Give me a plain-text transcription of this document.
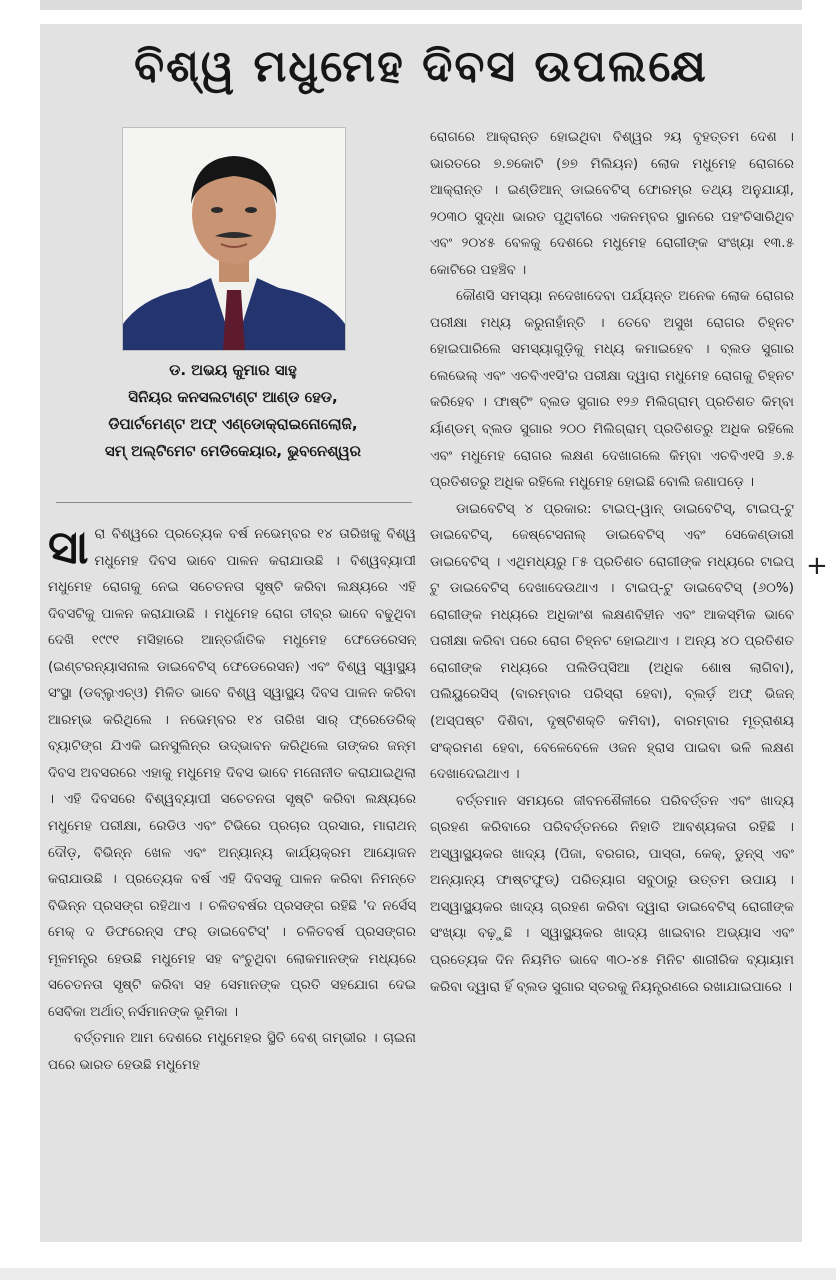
ବିଶ୍ୱ ମଧୁମେହ ଦିବସ ଉପଲକ୍ଷେ
ଡ. ଅଭୟ କୁମାର ସାହୁ
ସିନିୟର କନସଲଟାଣ୍ଟ ଆଣ୍ଡ ହେଡ,
ଡିପାର୍ଟମେଣ୍ଟ ଅଫ୍ ଏଣ୍ଡୋକ୍ରାଇନୋଲୋଜି,
ସମ୍ ଅଲ୍ଟିମେଟ ମେଡିକେୟାର, ଭୁବନେଶ୍ୱର

ସାରା ବିଶ୍ୱରେ ପ୍ରତ୍ୟେକ ବର୍ଷ ନଭେମ୍ବର ୧୪ ତାରିଖକୁ ବିଶ୍ୱ ମଧୁମେହ ଦିବସ ଭାବେ ପାଳନ କରାଯାଉଛି । ବିଶ୍ୱବ୍ୟାପୀ ମଧୁମେହ ରୋଗକୁ ନେଇ ସଚେତନତା ସୃଷ୍ଟି କରିବା ଲକ୍ଷ୍ୟରେ ଏହି ଦିବସଟିକୁ ପାଳନ କରାଯାଉଛି । ମଧୁମେହ ରୋଗ ତୀବ୍ର ଭାବେ ବଢୁଥିବା ଦେଖି ୧୯୯୧ ମସିହାରେ ଆନ୍ତର୍ଜାତିକ ମଧୁମେହ ଫେଡେରେସନ୍ (ଇଣ୍ଟରନ୍ୟାସନାଲ ଡାଇବେଟିସ୍ ଫେଡେରେସନ) ଏବଂ ବିଶ୍ୱ ସ୍ୱାସ୍ଥ୍ୟ ସଂସ୍ଥା (ଡବ୍ଲୁଏଚ୍ଓ) ମିଳିତ ଭାବେ ବିଶ୍ୱ ସ୍ୱାସ୍ଥ୍ୟ ଦିବସ ପାଳନ କରିବା ଆରମ୍ଭ କରିଥିଲେ । ନଭେମ୍ବର ୧୪ ତାରିଖ ସାର୍ ଫ୍ରେଡେରିକ୍ ବ୍ୟାଟିଙ୍ଗ ଯିଏକି ଇନସୁଲିନ୍‌ର ଉଦ୍ଭାବନ କରିଥିଲେ ତାଙ୍କର ଜନ୍ମ ଦିବସ ଅବସରରେ ଏହାକୁ ମଧୁମେହ ଦିବସ ଭାବେ ମନୋନୀତ କରାଯାଇଥିଲା । ଏହି ଦିବସରେ ବିଶ୍ୱବ୍ୟାପୀ ସଚେତନତା ସୃଷ୍ଟି କରିବା ଲକ୍ଷ୍ୟରେ ମଧୁମେହ ପରୀକ୍ଷା, ରେଡିଓ ଏବଂ ଟିଭିରେ ପ୍ରଚାର ପ୍ରସାର, ମାରାଥନ୍ ଦୌଡ଼, ବିଭିନ୍ନ ଖେଳ ଏବଂ ଅନ୍ୟାନ୍ୟ କାର୍ଯ୍ୟକ୍ରମ ଆୟୋଜନ କରାଯାଉଛି । ପ୍ରତ୍ୟେକ ବର୍ଷ ଏହି ଦିବସକୁ ପାଳନ କରିବା ନିମନ୍ତେ ବିଭିନ୍ନ ପ୍ରସଙ୍ଗ ରହିଥାଏ । ଚଳିତବର୍ଷର ପ୍ରସଙ୍ଗ ରହିଛି 'ଦ ନର୍ସେସ୍ ମେକ୍ ଦ ଡିଫରେନ୍ସ ଫର୍ ଡାଇବେଟିସ୍' । ଚଳିତବର୍ଷ ପ୍ରସଙ୍ଗର ମୂଳମନ୍ତ୍ର ହେଉଛି ମଧୁମେହ ସହ ବଂଚୁଥିବା ଲୋକମାନଙ୍କ ମଧ୍ୟରେ ସଚେତନତା ସୃଷ୍ଟି କରିବା ସହ ସେମାନଙ୍କ ପ୍ରତି ସହଯୋଗ ଦେଇ ସେବିକା ଅର୍ଥାତ୍ ନର୍ସମାନଙ୍କ ଭୂମିକା ।

ବର୍ତ୍ତମାନ ଆମ ଦେଶରେ ମଧୁମେହର ସ୍ଥିତି ବେଶ୍ ଗମ୍ଭୀର । ଚାଇନା ପରେ ଭାରତ ହେଉଛି ମଧୁମେହ

ରୋଗରେ ଆକ୍ରାନ୍ତ ହୋଇଥିବା ବିଶ୍ୱର ୨ୟ ବୃହତ୍ତମ ଦେଶ । ଭାରତରେ ୭.୭କୋଟି (୭୭ ମିଲିୟନ) ଲୋକ ମଧୁମେହ ରୋଗରେ ଆକ୍ରାନ୍ତ । ଇଣ୍ଡିଆନ୍ ଡାଇବେଟିସ୍ ଫୋରମ୍‌ର ତଥ୍ୟ ଅନୁଯାୟୀ, ୨୦୩୦ ସୁଦ୍ଧା ଭାରତ ପୃଥିବୀରେ ଏକନମ୍ବର ସ୍ଥାନରେ ପହଂଚିସାରିଥିବ ଏବଂ ୨୦୪୫ ବେଳକୁ ଦେଶରେ ମଧୁମେହ ରୋଗୀଙ୍କ ସଂଖ୍ୟା ୧୩.୫ କୋଟିରେ ପହଞ୍ଚିବ ।

କୌଣସି ସମସ୍ୟା ନଦେଖାଦେବା ପର୍ଯ୍ୟନ୍ତ ଅନେକ ଲୋକ ରୋଗର ପରୀକ୍ଷା ମଧ୍ୟ କରୁନାହାଁନ୍ତି । ତେବେ ଅସୁଖ ରୋଗର ଚିହ୍ନଟ ହୋଇପାରିଲେ ସମସ୍ୟାଗୁଡ଼ିକୁ ମଧ୍ୟ କମାଇହେବ । ବ୍ଲଡ ସୁଗାର ଲେଭେଲ୍ ଏବଂ ଏଚବିଏ୧ସି'ର ପରୀକ୍ଷା ଦ୍ୱାରା ମଧୁମେହ ରୋଗକୁ ଚିହ୍ନଟ କରିହେବ । ଫାଷ୍ଟିଂ ବ୍ଲଡ ସୁଗାର ୧୨୬ ମିଲିଗ୍ରାମ୍ ପ୍ରତିଶତ କିମ୍ବା ର୍ୟାଣ୍ଡମ୍ ବ୍ଲଡ ସୁଗାର ୨୦୦ ମିଲିଗ୍ରାମ୍ ପ୍ରତିଶତରୁ ଅଧିକ ରହିଲେ ଏବଂ ମଧୁମେହ ରୋଗର ଲକ୍ଷଣ ଦେଖାଗଲେ କିମ୍ବା ଏଚବିଏ୧ସି ୬.୫ ପ୍ରତିଶତରୁ ଅଧିକ ରହିଲେ ମଧୁମେହ ହୋଇଛି ବୋଲି ଜଣାପଡ଼େ ।

ଡାଇବେଟିସ୍ ୪ ପ୍ରକାର: ଟାଇପ୍-ୱାନ୍ ଡାଇବେଟିସ୍, ଟାଇପ୍-ଟୁ ଡାଇବେଟିସ୍, ଜେଷ୍ଟେସନାଲ୍ ଡାଇବେଟିସ୍ ଏବଂ ସେକେଣ୍ଡାରୀ ଡାଇବେଟିସ୍ । ଏଥିମଧ୍ୟରୁ ୮୫ ପ୍ରତିଶତ ରୋଗୀଙ୍କ ମଧ୍ୟରେ ଟାଇପ୍ ଟୁ ଡାଇବେଟିସ୍ ଦେଖାଦେଉଥାଏ । ଟାଇପ୍-ଟୁ ଡାଇବେଟିସ୍ (୬୦%) ରୋଗୀଙ୍କ ମଧ୍ୟରେ ଅଧିକାଂଶ ଲକ୍ଷଣବିହୀନ ଏବଂ ଆକସ୍ମିକ ଭାବେ ପରୀକ୍ଷା କରିବା ପରେ ରୋଗ ଚିହ୍ନଟ ହୋଇଥାଏ । ଅନ୍ୟ ୪୦ ପ୍ରତିଶତ ରୋଗୀଙ୍କ ମଧ୍ୟରେ ପଲିଡିପ୍ସିଆ (ଅଧିକ ଶୋଷ ଲାଗିବା), ପଲିୟୁରେସିସ୍ (ବାରମ୍ବାର ପରିସ୍ରା ହେବା), ବ୍ଲର୍ଡ଼ ଅଫ୍ ଭିଜନ୍ (ଅସ୍ପଷ୍ଟ ଦିଶିବା, ଦୃଷ୍ଟିଶକ୍ତି କମିବା), ବାରମ୍ବାର ମୂତ୍ରାଶୟ ସଂକ୍ରମଣ ହେବା, ବେଳେବେଳେ ଓଜନ ହ୍ରାସ ପାଇବା ଭଳି ଲକ୍ଷଣ ଦେଖାଦେଇଥାଏ ।

ବର୍ତ୍ତମାନ ସମୟରେ ଜୀବନଶୈଳୀରେ ପରିବର୍ତ୍ତନ ଏବଂ ଖାଦ୍ୟ ଗ୍ରହଣ କରିବାରେ ପରିବର୍ତ୍ତନରେ ନିହାତି ଆବଶ୍ୟକତା ରହିଛି । ଅସ୍ୱାସ୍ଥ୍ୟକର ଖାଦ୍ୟ (ପିଜା, ବରଗର, ପାସ୍ତା, କେକ୍, ଡୁନ୍ସ୍ ଏବଂ ଅନ୍ୟାନ୍ୟ ଫାଷ୍ଟଫୁଡ୍) ପରିତ୍ୟାଗ ସବୁଠାରୁ ଉତ୍ତମ ଉପାୟ । ଅସ୍ୱାସ୍ଥ୍ୟକର ଖାଦ୍ୟ ଗ୍ରହଣ କରିବା ଦ୍ୱାରା ଡାଇବେଟିସ୍ ରୋଗୀଙ୍କ ସଂଖ୍ୟା ବଢ଼ୁଛି । ସ୍ୱାସ୍ଥ୍ୟକର ଖାଦ୍ୟ ଖାଇବାର ଅଭ୍ୟାସ ଏବଂ ପ୍ରତ୍ୟେକ ଦିନ ନିୟମିତ ଭାବେ ୩୦-୪୫ ମିନିଟ ଶାରୀରିକ ବ୍ୟାୟାମ କରିବା ଦ୍ୱାରା ହିଁ ବ୍ଲଡ ସୁଗାର ସ୍ତରକୁ ନିୟନ୍ତ୍ରଣରେ ରଖାଯାଇପାରେ ।

+
